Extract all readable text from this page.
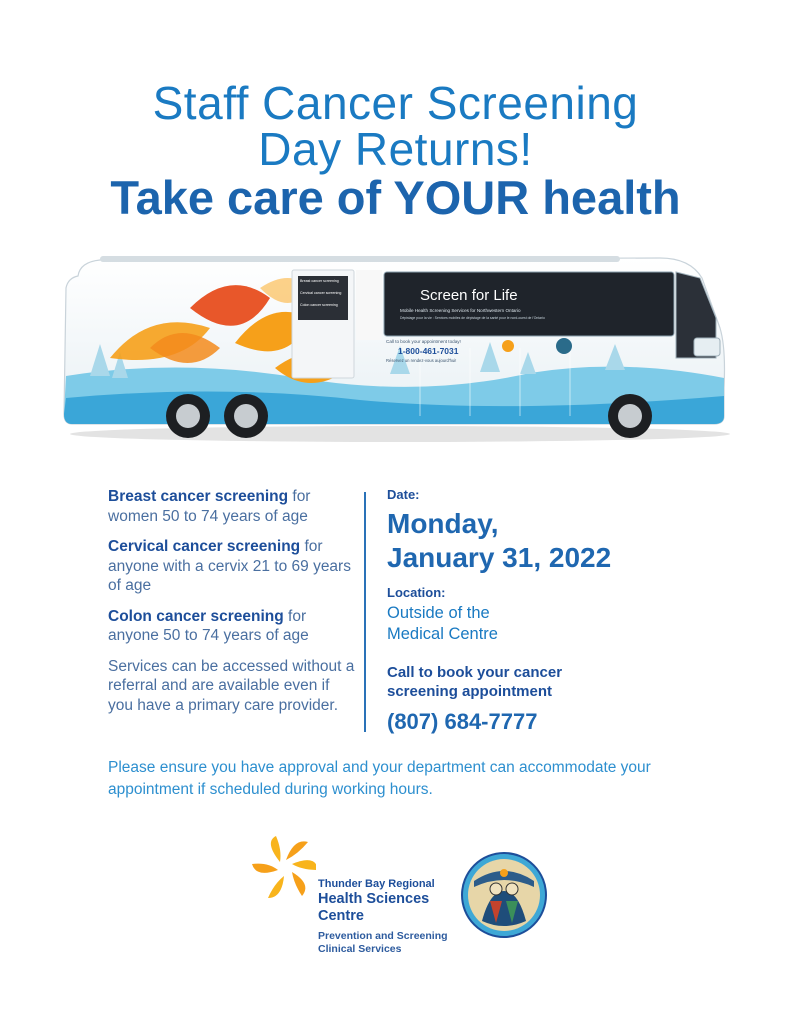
Staff Cancer Screening
Day Returns!
Take care of YOUR health
Screen for Life
Mobile Health Screening Services for Northwestern Ontario
Dépistage pour la vie : Services mobiles de dépistage de la santé pour le nord-ouest de l'Ontario
Call to book your appointment today!
1-800-461-7031
Réservez un rendez-vous aujourd'hui!
Breast cancer screening
Cervical cancer screening
Colon cancer screening

Breast cancer screening for women 50 to 74 years of age

Cervical cancer screening for anyone with a cervix 21 to 69 years of age

Colon cancer screening for anyone 50 to 74 years of age

Services can be accessed without a referral and are available even if you have a primary care provider.

Date:
Monday,
January 31, 2022
Location:
Outside of the
Medical Centre
Call to book your cancer
screening appointment
(807) 684-7777
Please ensure you have approval and your department can accommodate your appointment if scheduled during working hours.
Thunder Bay Regional
Health Sciences
Centre
Prevention and Screening
Clinical Services
